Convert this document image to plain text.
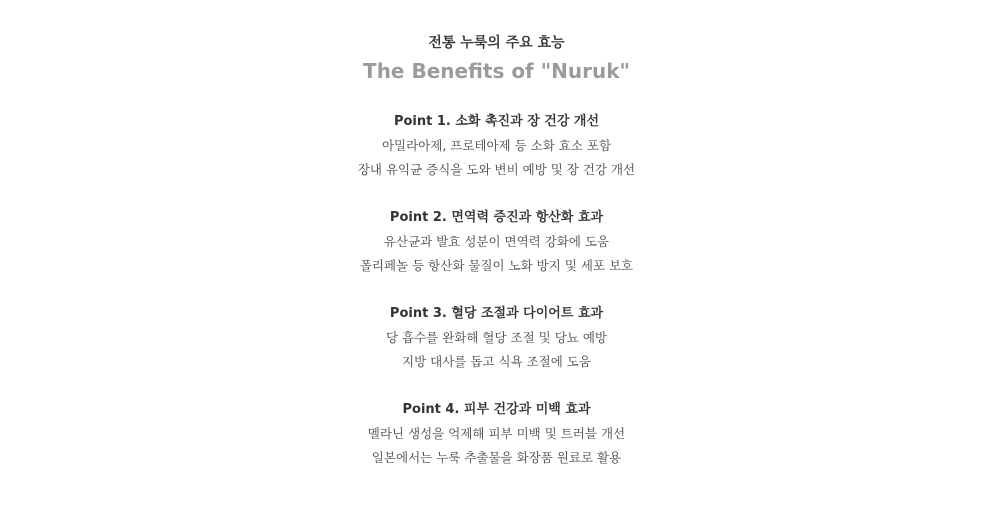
전통 누룩의 주요 효능
The Benefits of "Nuruk"
Point 1. 소화 촉진과 장 건강 개선
아밀라아제, 프로테아제 등 소화 효소 포함
장내 유익균 증식을 도와 변비 예방 및 장 건강 개선
Point 2. 면역력 증진과 항산화 효과
유산균과 발효 성분이 면역력 강화에 도움
폴리페놀 등 항산화 물질이 노화 방지 및 세포 보호
Point 3. 혈당 조절과 다이어트 효과
당 흡수를 완화해 혈당 조절 및 당뇨 예방
지방 대사를 돕고 식욕 조절에 도움
Point 4. 피부 건강과 미백 효과
멜라닌 생성을 억제해 피부 미백 및 트러블 개선
일본에서는 누룩 추출물을 화장품 원료로 활용
